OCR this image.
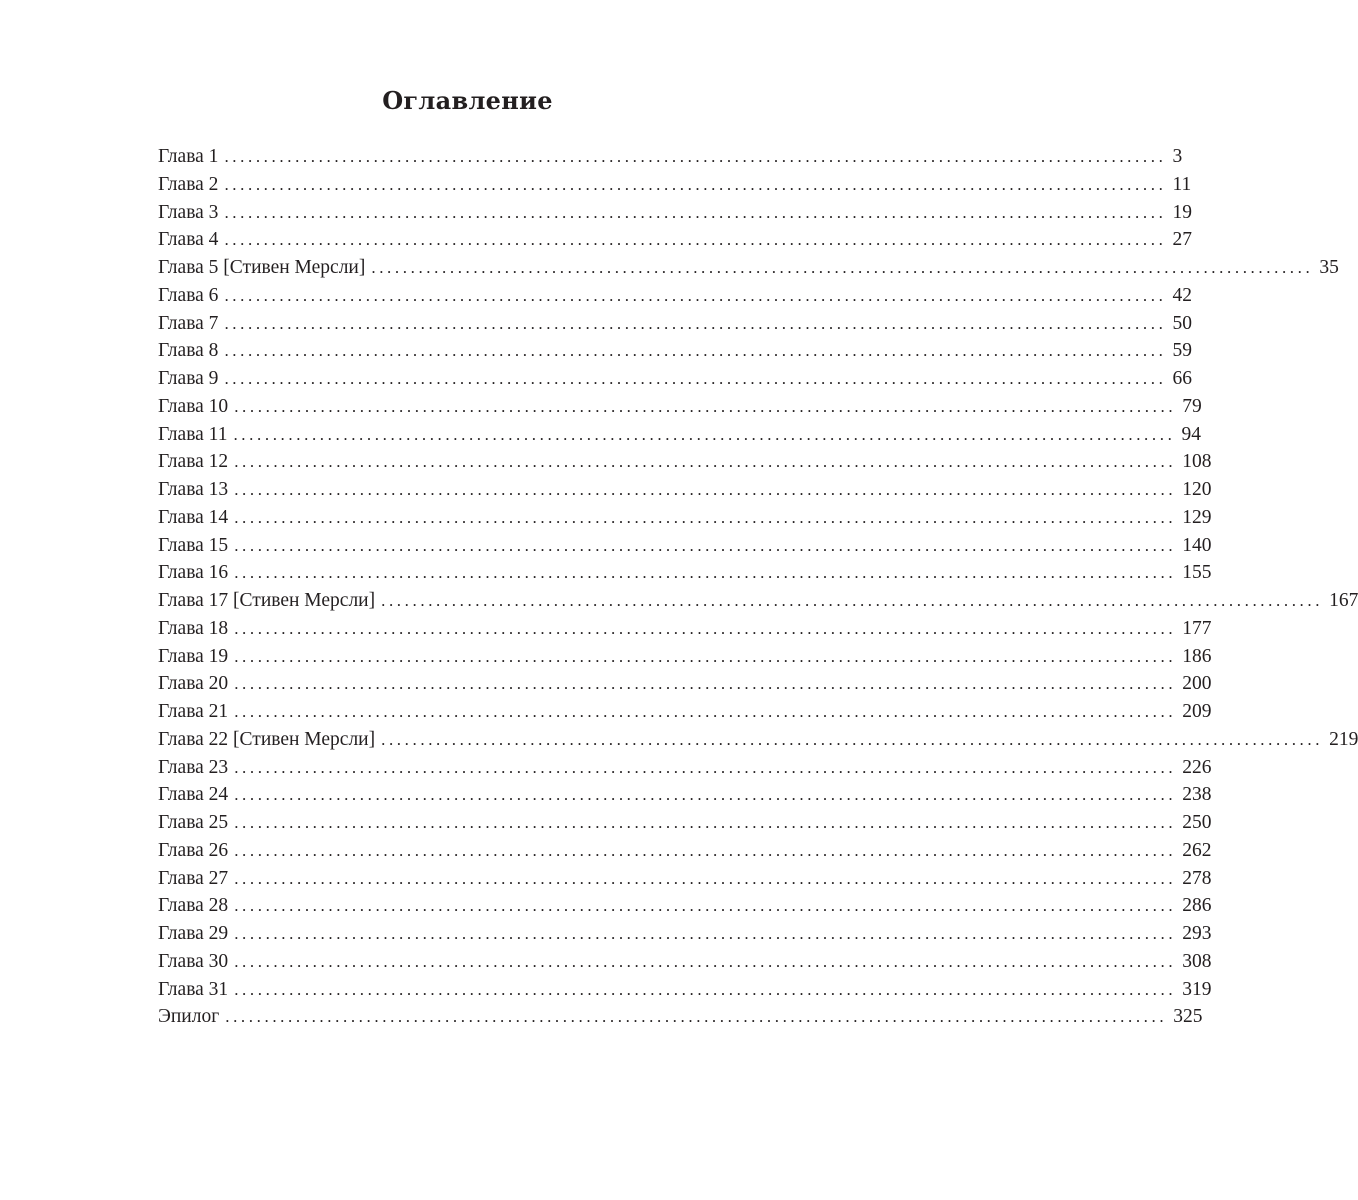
Оглавление
Глава 1 ........................................................................................................................ 3
Глава 2 ........................................................................................................................ 11
Глава 3 ........................................................................................................................ 19
Глава 4 ........................................................................................................................ 27
Глава 5 [Стивен Мерсли] ........................................................................................................................ 35
Глава 6 ........................................................................................................................ 42
Глава 7 ........................................................................................................................ 50
Глава 8 ........................................................................................................................ 59
Глава 9 ........................................................................................................................ 66
Глава 10 ........................................................................................................................ 79
Глава 11 ........................................................................................................................ 94
Глава 12 ........................................................................................................................ 108
Глава 13 ........................................................................................................................ 120
Глава 14 ........................................................................................................................ 129
Глава 15 ........................................................................................................................ 140
Глава 16 ........................................................................................................................ 155
Глава 17 [Стивен Мерсли] ........................................................................................................................ 167
Глава 18 ........................................................................................................................ 177
Глава 19 ........................................................................................................................ 186
Глава 20 ........................................................................................................................ 200
Глава 21 ........................................................................................................................ 209
Глава 22 [Стивен Мерсли] ........................................................................................................................ 219
Глава 23 ........................................................................................................................ 226
Глава 24 ........................................................................................................................ 238
Глава 25 ........................................................................................................................ 250
Глава 26 ........................................................................................................................ 262
Глава 27 ........................................................................................................................ 278
Глава 28 ........................................................................................................................ 286
Глава 29 ........................................................................................................................ 293
Глава 30 ........................................................................................................................ 308
Глава 31 ........................................................................................................................ 319
Эпилог ........................................................................................................................ 325
